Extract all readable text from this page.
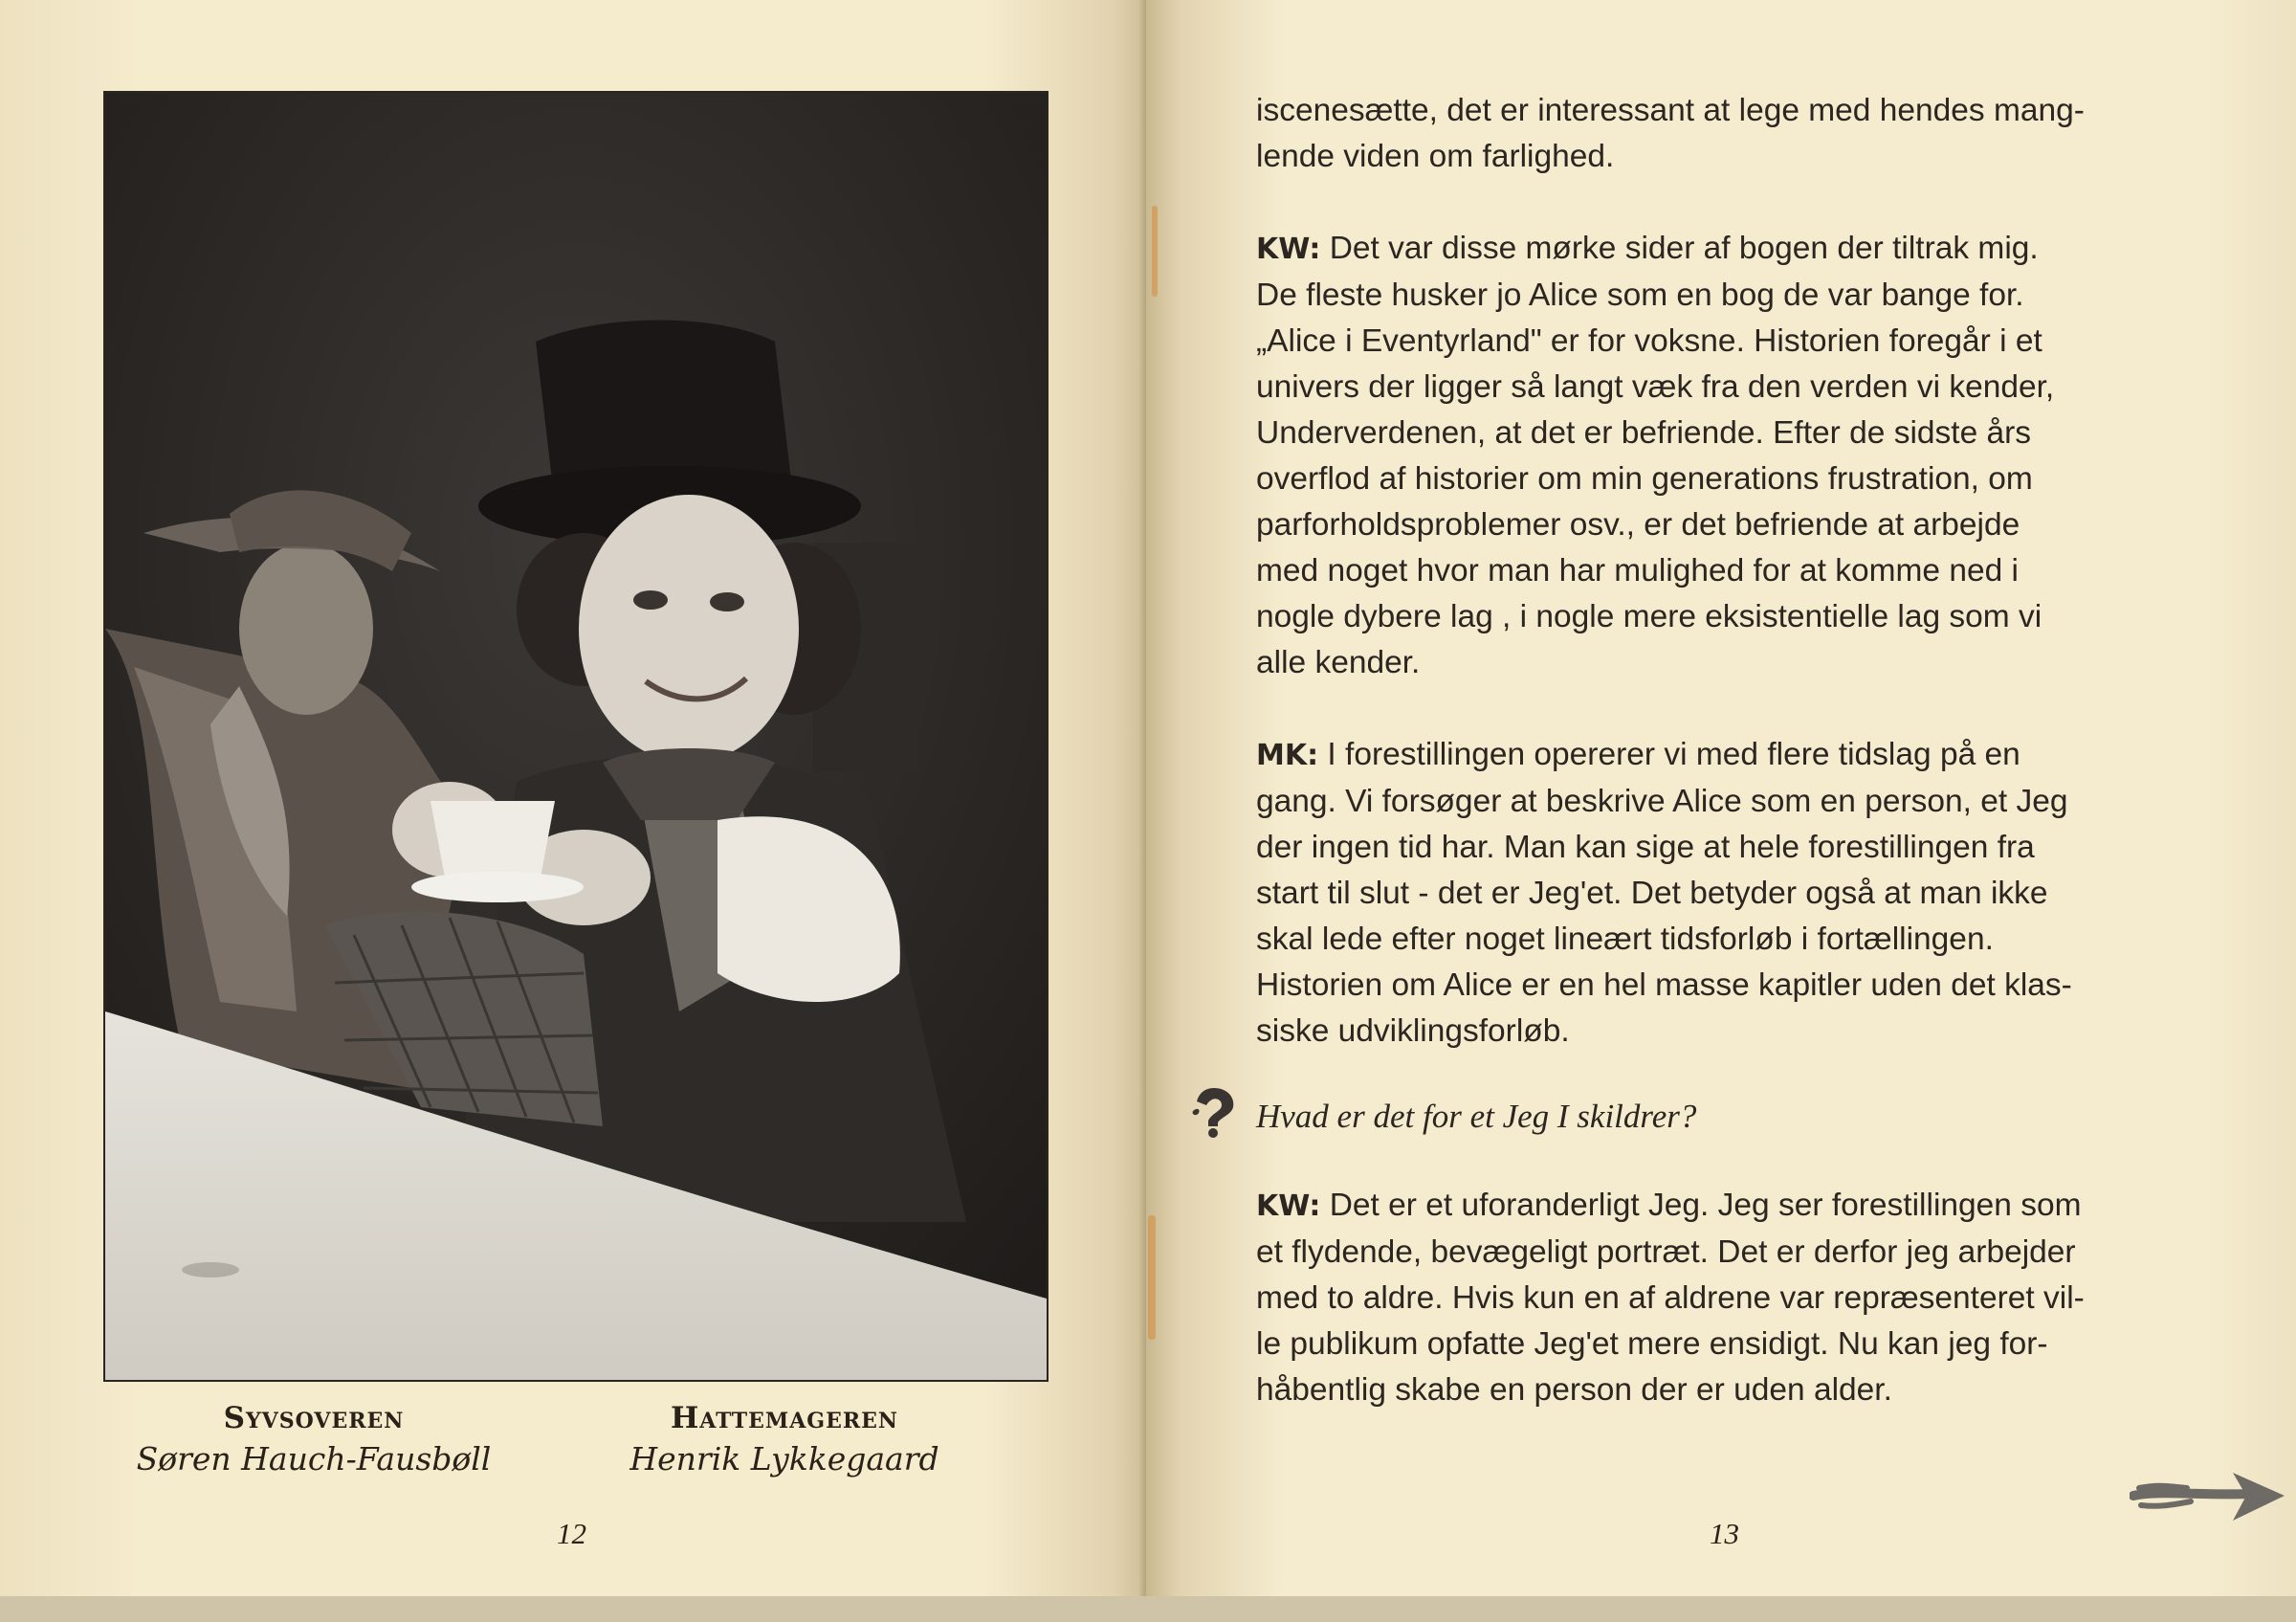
Syvsoveren
Søren Hauch-Fausbøll
Hattemageren
Henrik Lykkegaard
12

iscenesætte, det er interessant at lege med hendes mang-

lende viden om farlighed.

KW: Det var disse mørke sider af bogen der tiltrak mig.

De fleste husker jo Alice som en bog de var bange for.

„Alice i Eventyrland" er for voksne. Historien foregår i et

univers der ligger så langt væk fra den verden vi kender,

Underverdenen, at det er befriende. Efter de sidste års

overflod af historier om min generations frustration, om

parforholdsproblemer osv., er det befriende at arbejde

med noget hvor man har mulighed for at komme ned i

nogle dybere lag , i nogle mere eksistentielle lag som vi

alle kender.

MK: I forestillingen opererer vi med flere tidslag på en

gang. Vi forsøger at beskrive Alice som en person, et Jeg

der ingen tid har. Man kan sige at hele forestillingen fra

start til slut - det er Jeg'et. Det betyder også at man ikke

skal lede efter noget lineært tidsforløb i fortællingen.

Historien om Alice er en hel masse kapitler uden det klas-

siske udviklingsforløb.

Hvad er det for et Jeg I skildrer?

KW: Det er et uforanderligt Jeg. Jeg ser forestillingen som

et flydende, bevægeligt portræt. Det er derfor jeg arbejder

med to aldre. Hvis kun en af aldrene var repræsenteret vil-

le publikum opfatte Jeg'et mere ensidigt. Nu kan jeg for-

håbentlig skabe en person der er uden alder.

13
